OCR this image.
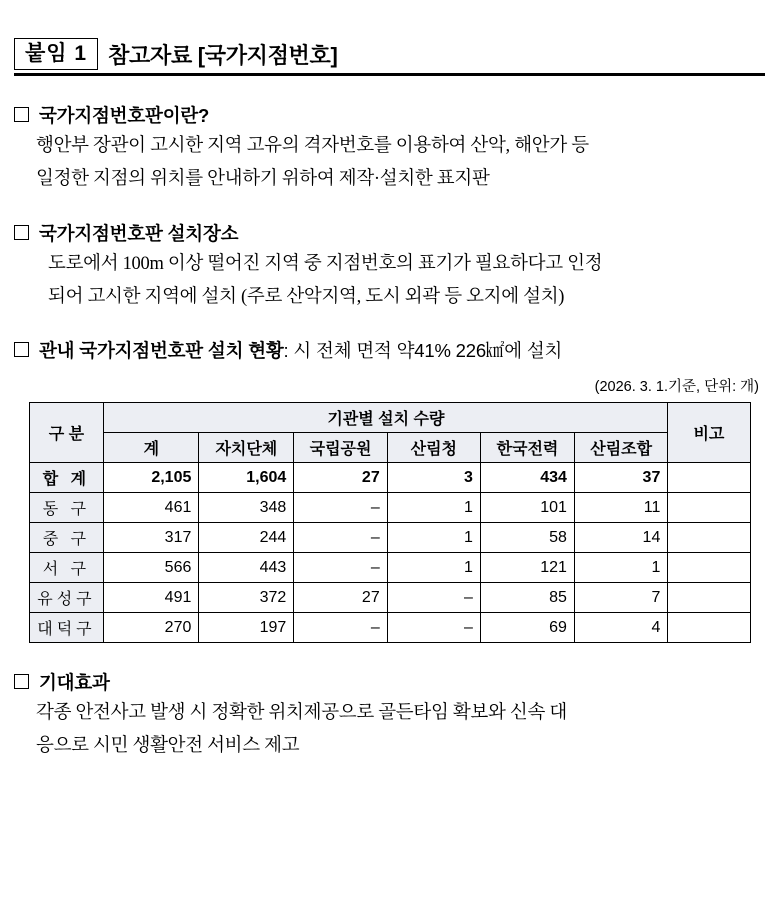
붙임 1 참고자료 [국가지점번호]
국가지점번호판이란?
행안부 장관이 고시한 지역 고유의 격자번호를 이용하여 산악, 해안가 등
일정한 지점의 위치를 안내하기 위하여 제작·설치한 표지판
국가지점번호판 설치장소
도로에서 100m 이상 떨어진 지역 중 지점번호의 표기가 필요하다고 인정
되어 고시한 지역에 설치 (주로 산악지역, 도시 외곽 등 오지에 설치)
관내 국가지점번호판 설치 현황 : 시 전체 면적 약41% 226㎢에 설치
(2026. 3. 1.기준, 단위: 개)
구 분	기관별 설치 수량						비고
	계	자치단체	국립공원	산림청	한국전력	산림조합	
합 계	2,105	1,604	27	3	434	37	
동 구	461	348	–	1	101	11	
중 구	317	244	–	1	58	14	
서 구	566	443	–	1	121	1	
유성구	491	372	27	–	85	7	
대덕구	270	197	–	–	69	4	
기대효과
각종 안전사고 발생 시 정확한 위치제공으로 골든타임 확보와 신속 대
응으로 시민 생활안전 서비스 제고
